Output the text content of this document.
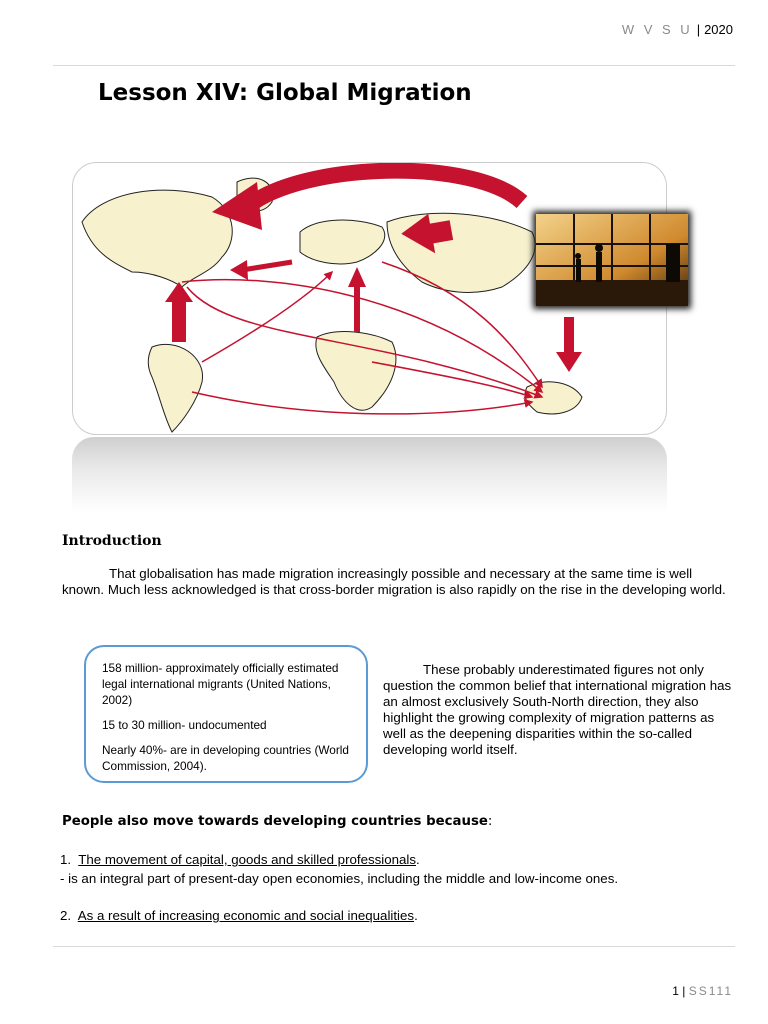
W V S U | 2020
Lesson XIV: Global Migration
Introduction
That globalisation has made migration increasingly possible and necessary at the same time is well known. Much less acknowledged is that cross-border migration is also rapidly on the rise in the developing world.

158 million- approximately officially estimated legal international migrants (United Nations, 2002)

15 to 30 million- undocumented

Nearly 40%- are in developing countries (World Commission, 2004).

These probably underestimated figures not only question the common belief that international migration has an almost exclusively South-North direction, they also highlight the growing complexity of migration patterns as well as the deepening disparities within the so-called developing world itself.
People also move towards developing countries because:
1. The movement of capital, goods and skilled professionals.
- is an integral part of present-day open economies, including the middle and low-income ones.
2. As a result of increasing economic and social inequalities.
1 | SS111
